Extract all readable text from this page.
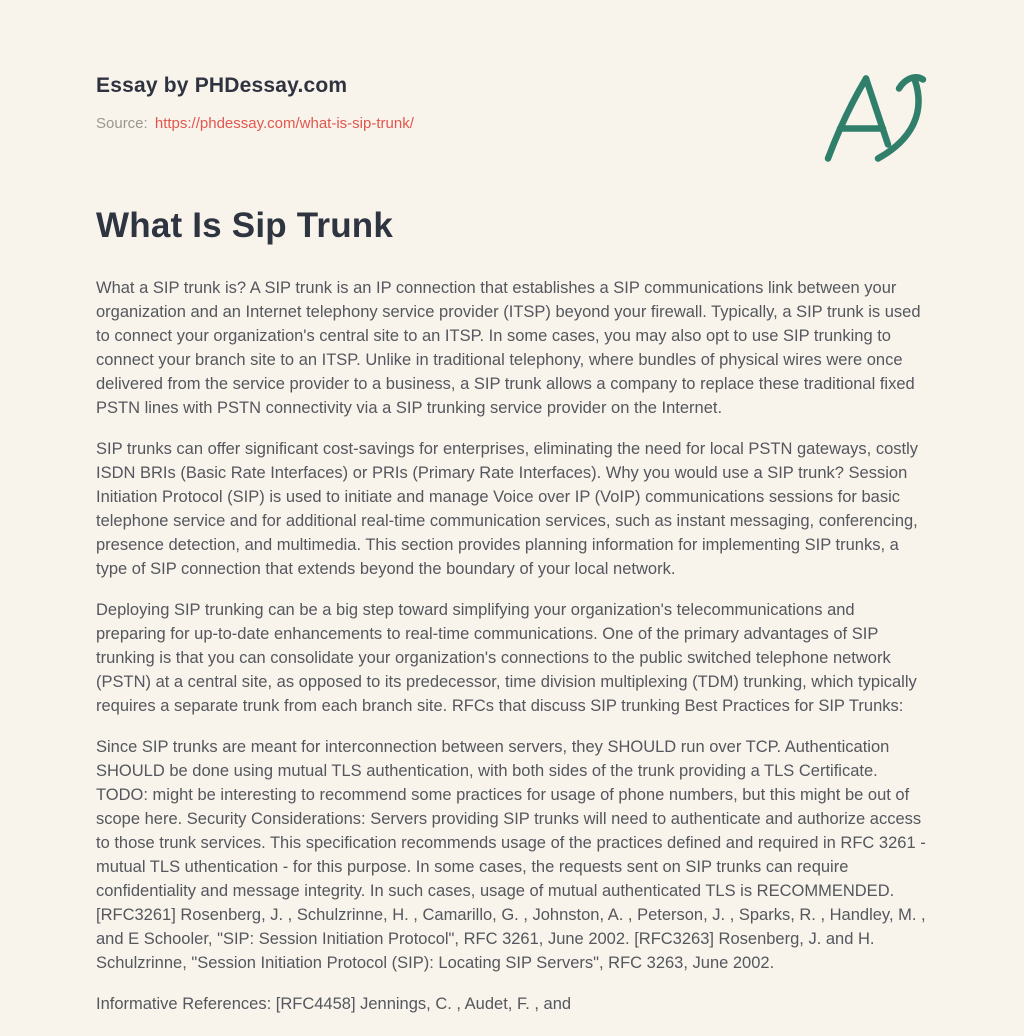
Essay by PHDessay.com
Source: https://phdessay.com/what-is-sip-trunk/
What Is Sip Trunk

What a SIP trunk is? A SIP trunk is an IP connection that establishes a SIP communications link between your organization and an Internet telephony service provider (ITSP) beyond your firewall. Typically, a SIP trunk is used to connect your organization's central site to an ITSP. In some cases, you may also opt to use SIP trunking to connect your branch site to an ITSP. Unlike in traditional telephony, where bundles of physical wires were once delivered from the service provider to a business, a SIP trunk allows a company to replace these traditional fixed PSTN lines with PSTN connectivity via a SIP trunking service provider on the Internet.

SIP trunks can offer significant cost-savings for enterprises, eliminating the need for local PSTN gateways, costly ISDN BRIs (Basic Rate Interfaces) or PRIs (Primary Rate Interfaces). Why you would use a SIP trunk? Session Initiation Protocol (SIP) is used to initiate and manage Voice over IP (VoIP) communications sessions for basic telephone service and for additional real-time communication services, such as instant messaging, conferencing, presence detection, and multimedia. This section provides planning information for implementing SIP trunks, a type of SIP connection that extends beyond the boundary of your local network.

Deploying SIP trunking can be a big step toward simplifying your organization's telecommunications and preparing for up-to-date enhancements to real-time communications. One of the primary advantages of SIP trunking is that you can consolidate your organization's connections to the public switched telephone network (PSTN) at a central site, as opposed to its predecessor, time division multiplexing (TDM) trunking, which typically requires a separate trunk from each branch site. RFCs that discuss SIP trunking Best Practices for SIP Trunks:

Since SIP trunks are meant for interconnection between servers, they SHOULD run over TCP. Authentication SHOULD be done using mutual TLS authentication, with both sides of the trunk providing a TLS Certificate. TODO: might be interesting to recommend some practices for usage of phone numbers, but this might be out of scope here. Security Considerations: Servers providing SIP trunks will need to authenticate and authorize access to those trunk services. This specification recommends usage of the practices defined and required in RFC 3261 - mutual TLS uthentication - for this purpose. In some cases, the requests sent on SIP trunks can require confidentiality and message integrity. In such cases, usage of mutual authenticated TLS is RECOMMENDED. [RFC3261] Rosenberg, J. , Schulzrinne, H. , Camarillo, G. , Johnston, A. , Peterson, J. , Sparks, R. , Handley, M. , and E Schooler, "SIP: Session Initiation Protocol", RFC 3261, June 2002. [RFC3263] Rosenberg, J. and H. Schulzrinne, "Session Initiation Protocol (SIP): Locating SIP Servers", RFC 3263, June 2002.

Informative References: [RFC4458] Jennings, C. , Audet, F. , and
